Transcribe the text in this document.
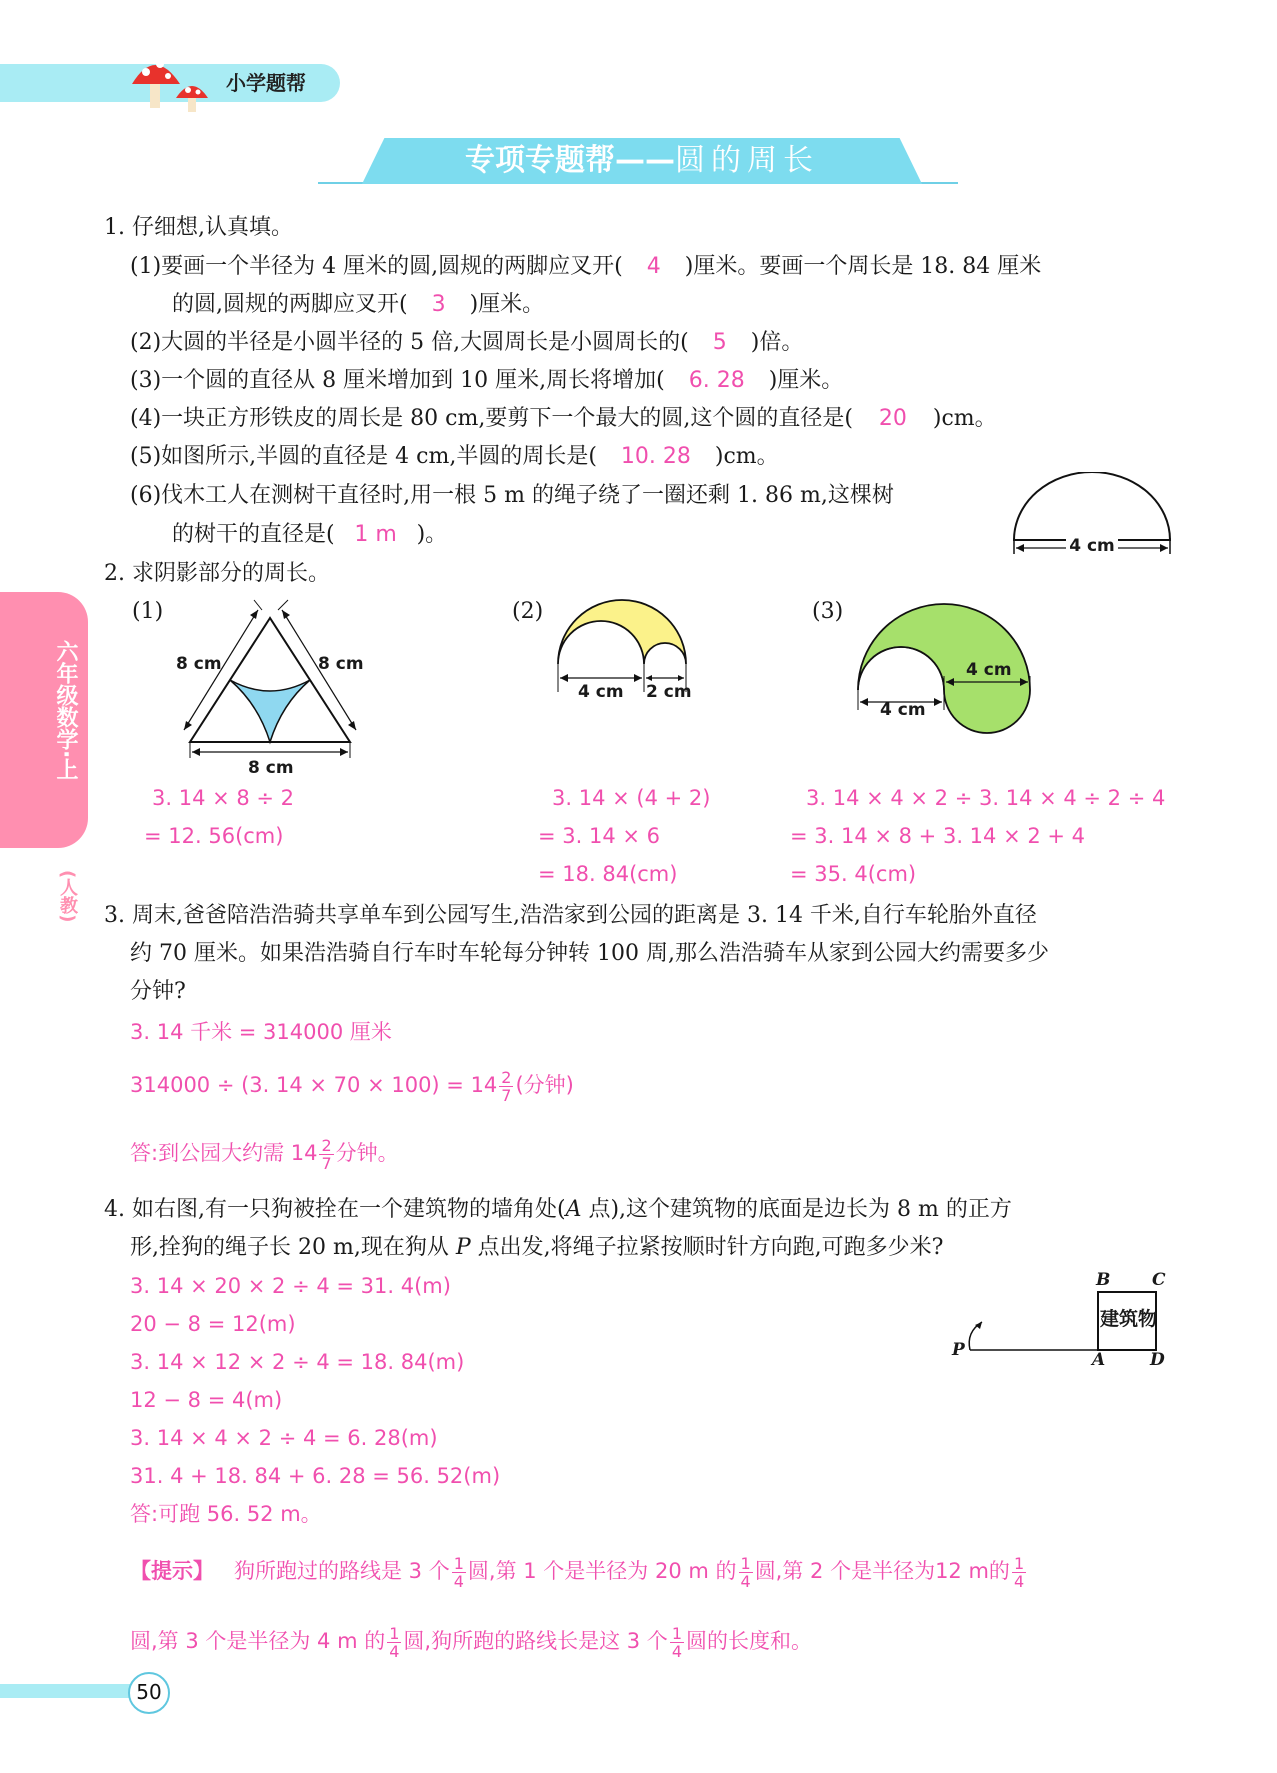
小学题帮
专项专题帮——圆的周长
六年级数学·上
(人教)
1. 仔细想,认真填。
(1)要画一个半径为 4 厘米的圆,圆规的两脚应叉开( 4 )厘米。要画一个周长是 18. 84 厘米
的圆,圆规的两脚应叉开( 3 )厘米。
(2)大圆的半径是小圆半径的 5 倍,大圆周长是小圆周长的( 5 )倍。
(3)一个圆的直径从 8 厘米增加到 10 厘米,周长将增加( 6. 28 )厘米。
(4)一块正方形铁皮的周长是 80 cm,要剪下一个最大的圆,这个圆的直径是( 20 )cm。
(5)如图所示,半圆的直径是 4 cm,半圆的周长是( 10. 28 )cm。
(6)伐木工人在测树干直径时,用一根 5 m 的绳子绕了一圈还剩 1. 86 m,这棵树
的树干的直径是( 1 m )。	4 cm
2. 求阴影部分的周长。
(1)	(2)	(3)
8 cm	8 cm
8 cm
4 cm 2 cm
4 cm
4 cm
3. 14 × 8 ÷ 2
= 12. 56(cm)
3. 14 × (4 + 2)
= 3. 14 × 6
= 18. 84(cm)
3. 14 × 4 × 2 ÷ 3. 14 × 4 ÷ 2 ÷ 4
= 3. 14 × 8 + 3. 14 × 2 + 4
= 35. 4(cm)
3. 周末,爸爸陪浩浩骑共享单车到公园写生,浩浩家到公园的距离是 3. 14 千米,自行车轮胎外直径
约 70 厘米。如果浩浩骑自行车时车轮每分钟转 100 周,那么浩浩骑车从家到公园大约需要多少
分钟?
3. 14 千米 = 314000 厘米
314000 ÷ (3. $14 \times 70 \times 100) = 14 \frac{2}{7}$ (分钟)
答:到公园大约需 $14 \frac{2}{7}$ 分钟。
4. 如右图,有一只狗被拴在一个建筑物的墙角处(A 点),这个建筑物的底面是边长为 8 m 的正方
形,拴狗的绳子长 20 m,现在狗从 P 点出发,将绳子拉紧按顺时针方向跑,可跑多少米?
3. 14 × 20 × 2 ÷ 4 = 31. 4(m)
20 − 8 = 12(m)
3. 14 × 12 × 2 ÷ 4 = 18. 84(m)
12 − 8 = 4(m)
3. 14 × 4 × 2 ÷ 4 = 6. 28(m)
31. 4 + 18. 84 + 6. 28 = 56. 52(m)
答:可跑 56. 52 m。
B C
A	D
P
建筑物
【提示】 狗所跑过的路线是 3 个 $\frac{1}{4}$ 圆,第 1 个是半径为 20 m 的 $\frac{1}{4}$ 圆,第 2 个是半径为12 m的 $\frac{1}{4}$
圆,第 3 个是半径为 4 m 的 $\frac{1}{4}$ 圆,狗所跑的路线长是这 3 个 $\frac{1}{4}$ 圆的长度和。
50
